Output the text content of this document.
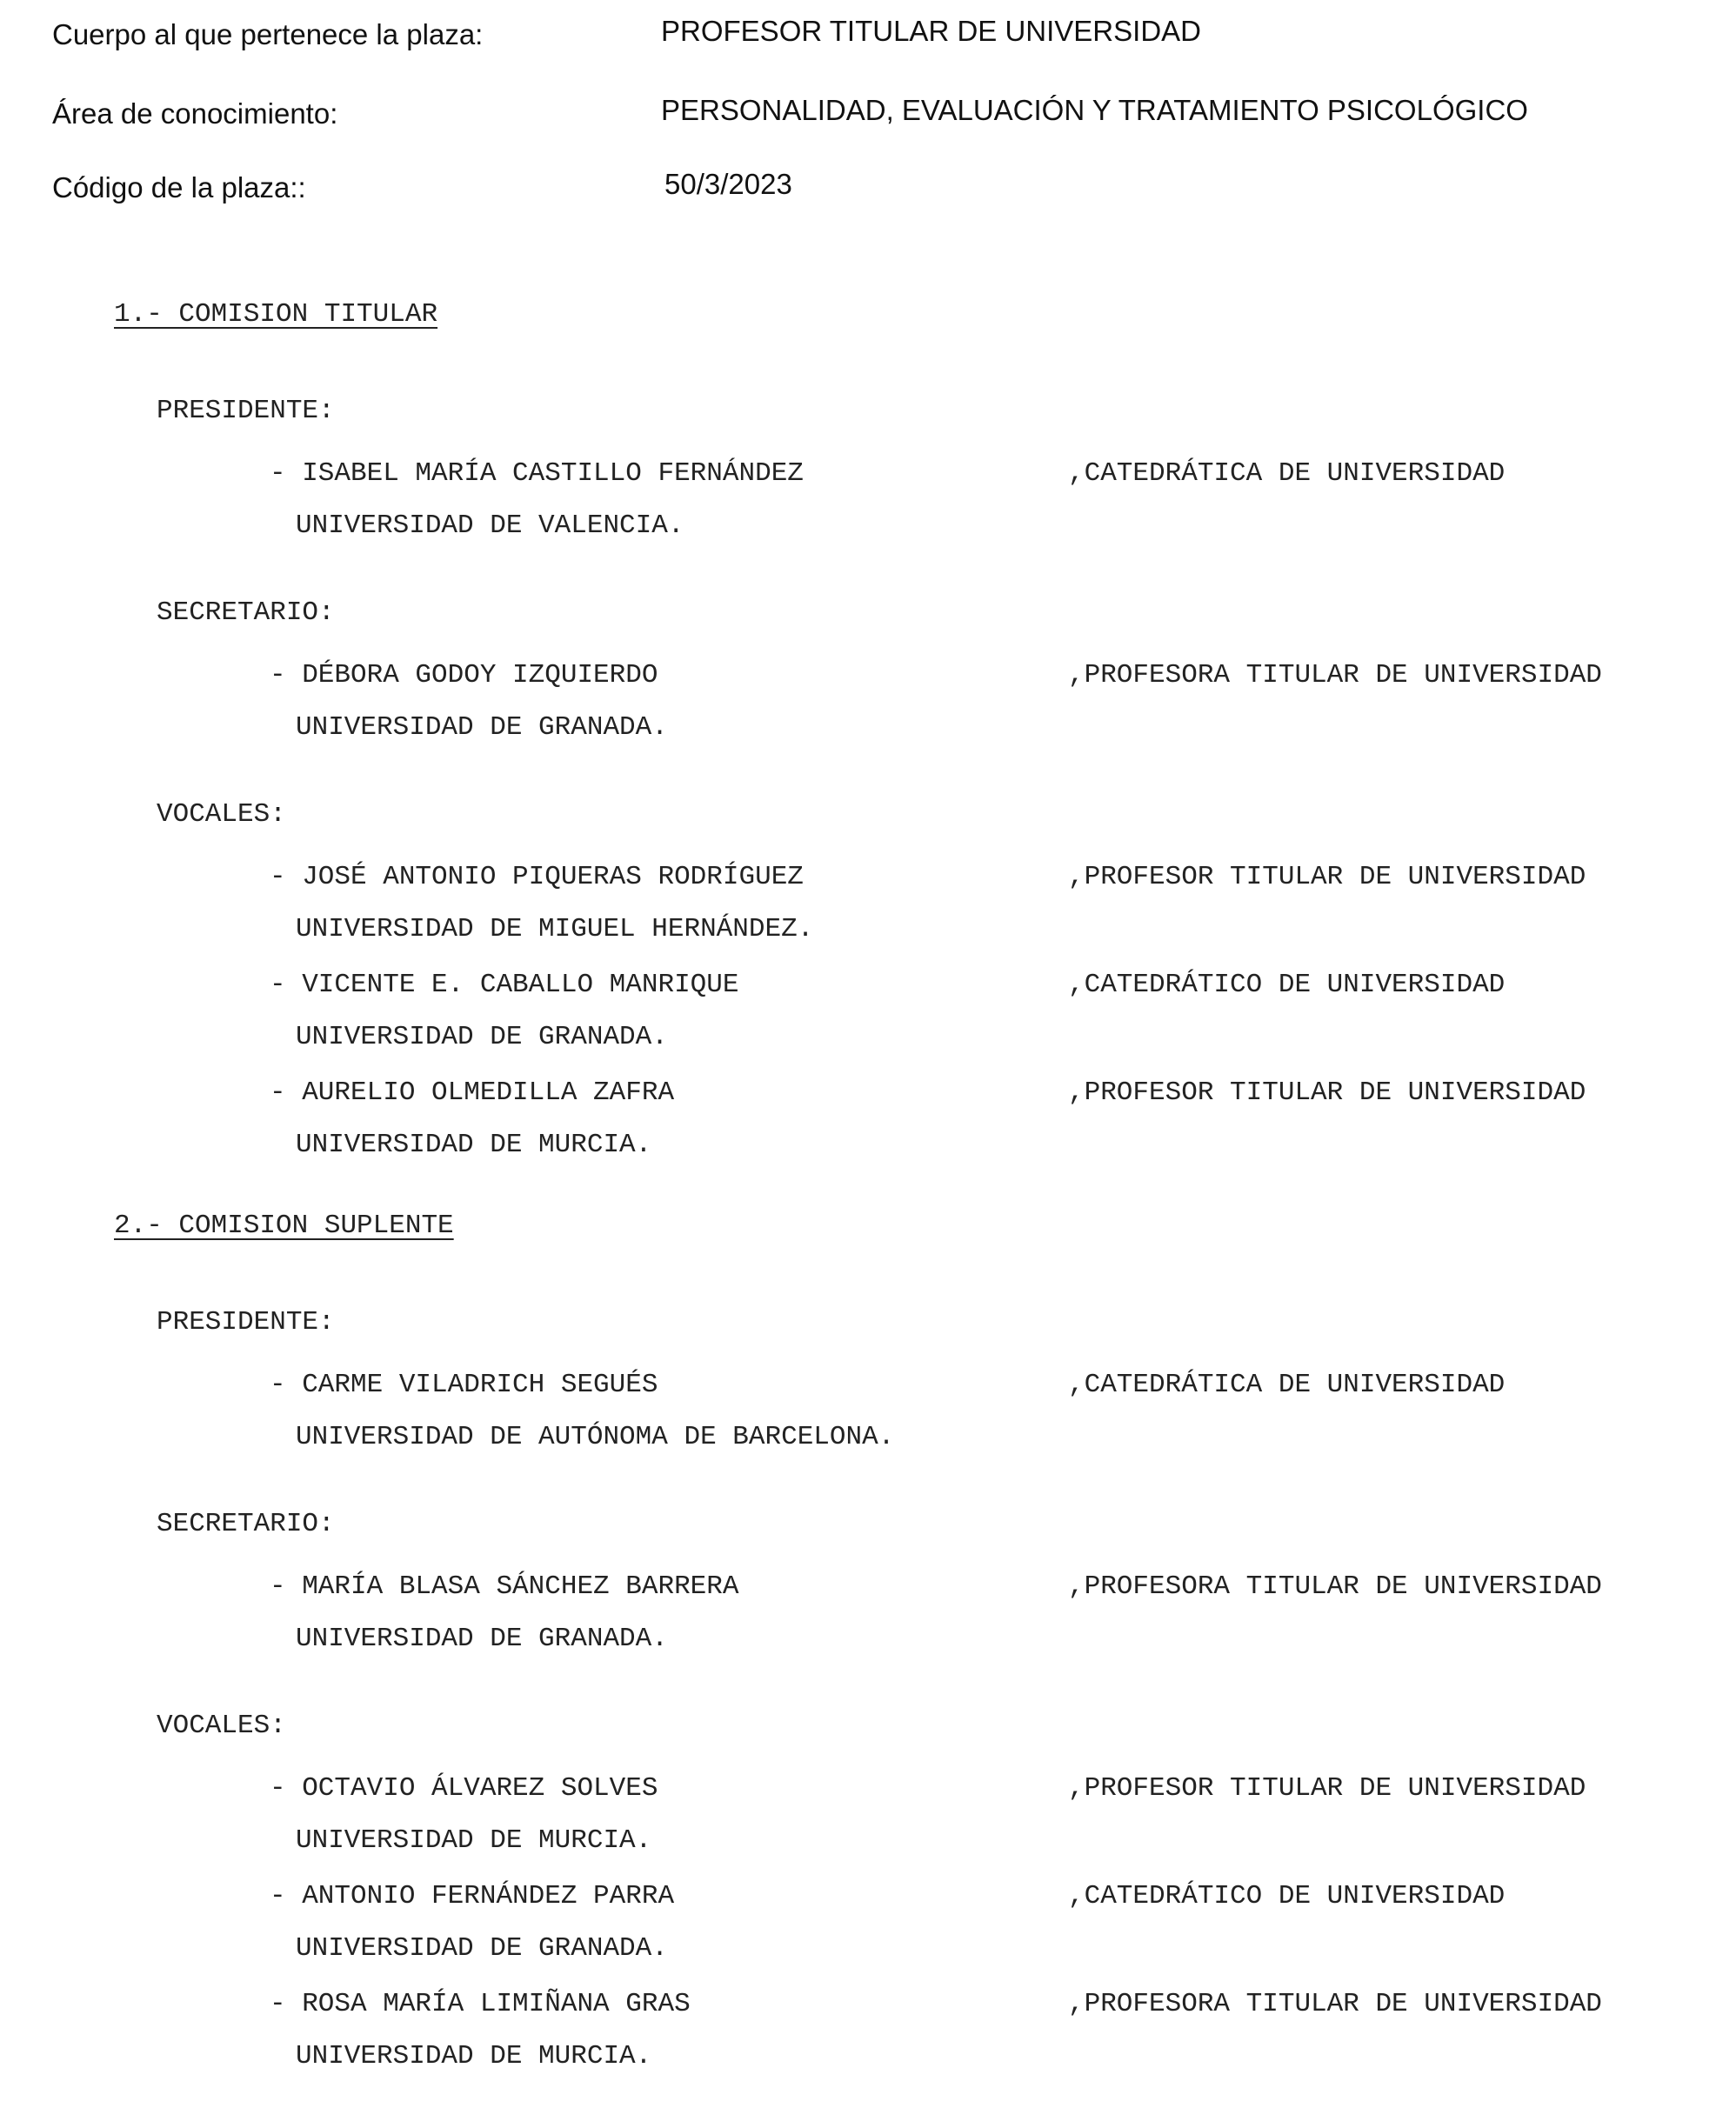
Cuerpo al que pertenece la plaza:	PROFESOR TITULAR DE UNIVERSIDAD
Área de conocimiento:	PERSONALIDAD, EVALUACIÓN Y TRATAMIENTO PSICOLÓGICO
Código de la plaza::	50/3/2023
1.- COMISION TITULAR
PRESIDENTE:
- ISABEL MARÍA CASTILLO FERNÁNDEZ	,CATEDRÁTICA DE UNIVERSIDAD
UNIVERSIDAD DE VALENCIA.
SECRETARIO:
- DÉBORA GODOY IZQUIERDO	,PROFESORA TITULAR DE UNIVERSIDAD
UNIVERSIDAD DE GRANADA.
VOCALES:
- JOSÉ ANTONIO PIQUERAS RODRÍGUEZ	,PROFESOR TITULAR DE UNIVERSIDAD
UNIVERSIDAD DE MIGUEL HERNÁNDEZ.
- VICENTE E. CABALLO MANRIQUE	,CATEDRÁTICO DE UNIVERSIDAD
UNIVERSIDAD DE GRANADA.
- AURELIO OLMEDILLA ZAFRA	,PROFESOR TITULAR DE UNIVERSIDAD
UNIVERSIDAD DE MURCIA.
2.- COMISION SUPLENTE
PRESIDENTE:
- CARME VILADRICH SEGUÉS	,CATEDRÁTICA DE UNIVERSIDAD
UNIVERSIDAD DE AUTÓNOMA DE BARCELONA.
SECRETARIO:
- MARÍA BLASA SÁNCHEZ BARRERA	,PROFESORA TITULAR DE UNIVERSIDAD
UNIVERSIDAD DE GRANADA.
VOCALES:
- OCTAVIO ÁLVAREZ SOLVES	,PROFESOR TITULAR DE UNIVERSIDAD
UNIVERSIDAD DE MURCIA.
- ANTONIO FERNÁNDEZ PARRA	,CATEDRÁTICO DE UNIVERSIDAD
UNIVERSIDAD DE GRANADA.
- ROSA MARÍA LIMIÑANA GRAS	,PROFESORA TITULAR DE UNIVERSIDAD
UNIVERSIDAD DE MURCIA.
